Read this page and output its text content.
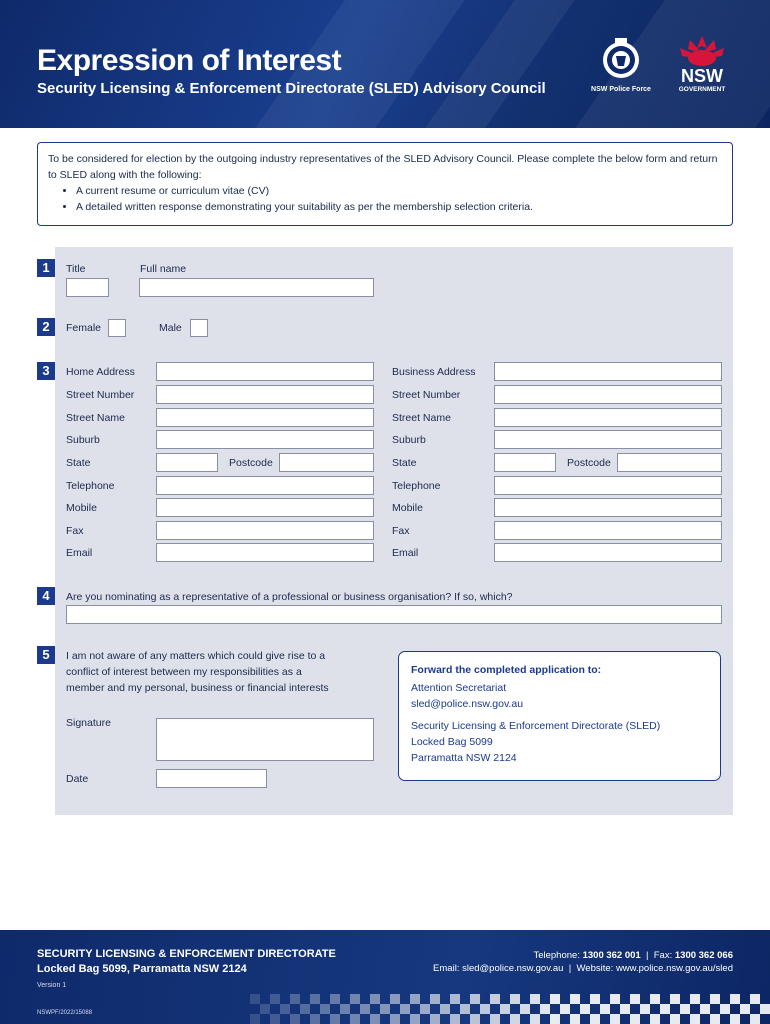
Expression of Interest
Security Licensing & Enforcement Directorate (SLED) Advisory Council	NSW Police Force
NSW
GOVERNMENT
To be considered for election by the outgoing industry representatives of the SLED Advisory Council. Please complete the below form and return to SLED along with the following:
• A current resume or curriculum vitae (CV)
• A detailed written response demonstrating your suitability as per the membership selection criteria.
1	Title	Full name
2	Female	Male
3	Home Address
Street Number
Street Name
Suburb
State	Postcode
Telephone
Mobile
Fax
Email
Business Address
Street Number
Street Name
Suburb
State	Postcode
Telephone
Mobile
Fax
Email
4	Are you nominating as a representative of a professional or business organisation? If so, which?
5	I am not aware of any matters which could give rise to a
conflict of interest between my responsibilities as a
member and my personal, business or financial interests
Signature
Date
Forward the completed application to:
Attention Secretariat
sled@police.nsw.gov.au
Security Licensing & Enforcement Directorate (SLED)
Locked Bag 5099
Parramatta NSW 2124
SECURITY LICENSING & ENFORCEMENT DIRECTORATE
Locked Bag 5099, Parramatta NSW 2124
Version 1
NSWPF/2022/15088
Telephone: 1300 362 001  |  Fax: 1300 362 066
Email: sled@police.nsw.gov.au  |  Website: www.police.nsw.gov.au/sled
